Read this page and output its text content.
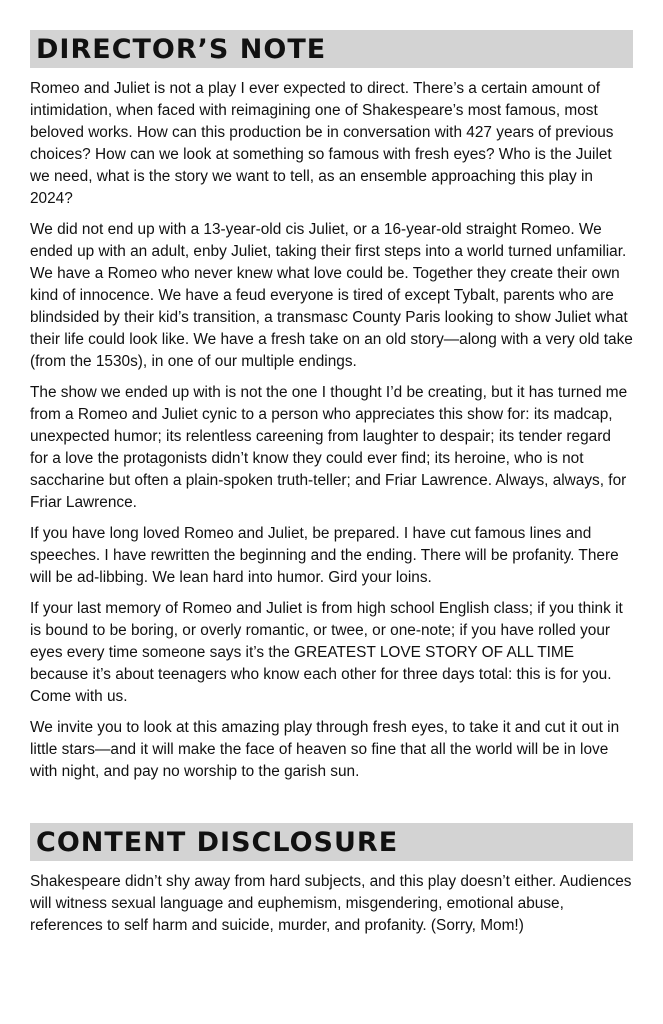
DIRECTOR’S NOTE

Romeo and Juliet is not a play I ever expected to direct. There’s a certain amount of intimidation, when faced with reimagining one of Shakespeare’s most famous, most beloved works. How can this production be in conversation with 427 years of previous choices? How can we look at something so famous with fresh eyes? Who is the Juilet we need, what is the story we want to tell, as an ensemble approaching this play in 2024?

We did not end up with a 13-year-old cis Juliet, or a 16-year-old straight Romeo. We ended up with an adult, enby Juliet, taking their first steps into a world turned unfamiliar. We have a Romeo who never knew what love could be. Together they create their own kind of innocence. We have a feud everyone is tired of except Tybalt, parents who are blindsided by their kid’s transition, a transmasc County Paris looking to show Juliet what their life could look like. We have a fresh take on an old story—along with a very old take (from the 1530s), in one of our multiple endings.

The show we ended up with is not the one I thought I’d be creating, but it has turned me from a Romeo and Juliet cynic to a person who appreciates this show for: its madcap, unexpected humor; its relentless careening from laughter to despair; its tender regard for a love the protagonists didn’t know they could ever find; its heroine, who is not saccharine but often a plain-spoken truth-teller; and Friar Lawrence. Always, always, for Friar Lawrence.

If you have long loved Romeo and Juliet, be prepared. I have cut famous lines and speeches. I have rewritten the beginning and the ending. There will be profanity. There will be ad-libbing. We lean hard into humor. Gird your loins.

If your last memory of Romeo and Juliet is from high school English class; if you think it is bound to be boring, or overly romantic, or twee, or one-note; if you have rolled your eyes every time someone says it’s the GREATEST LOVE STORY OF ALL TIME because it’s about teenagers who know each other for three days total: this is for you. Come with us.

We invite you to look at this amazing play through fresh eyes, to take it and cut it out in little stars—and it will make the face of heaven so fine that all the world will be in love with night, and pay no worship to the garish sun.

CONTENT DISCLOSURE

Shakespeare didn’t shy away from hard subjects, and this play doesn’t either. Audiences will witness sexual language and euphemism, misgendering, emotional abuse, references to self harm and suicide, murder, and profanity. (Sorry, Mom!)
